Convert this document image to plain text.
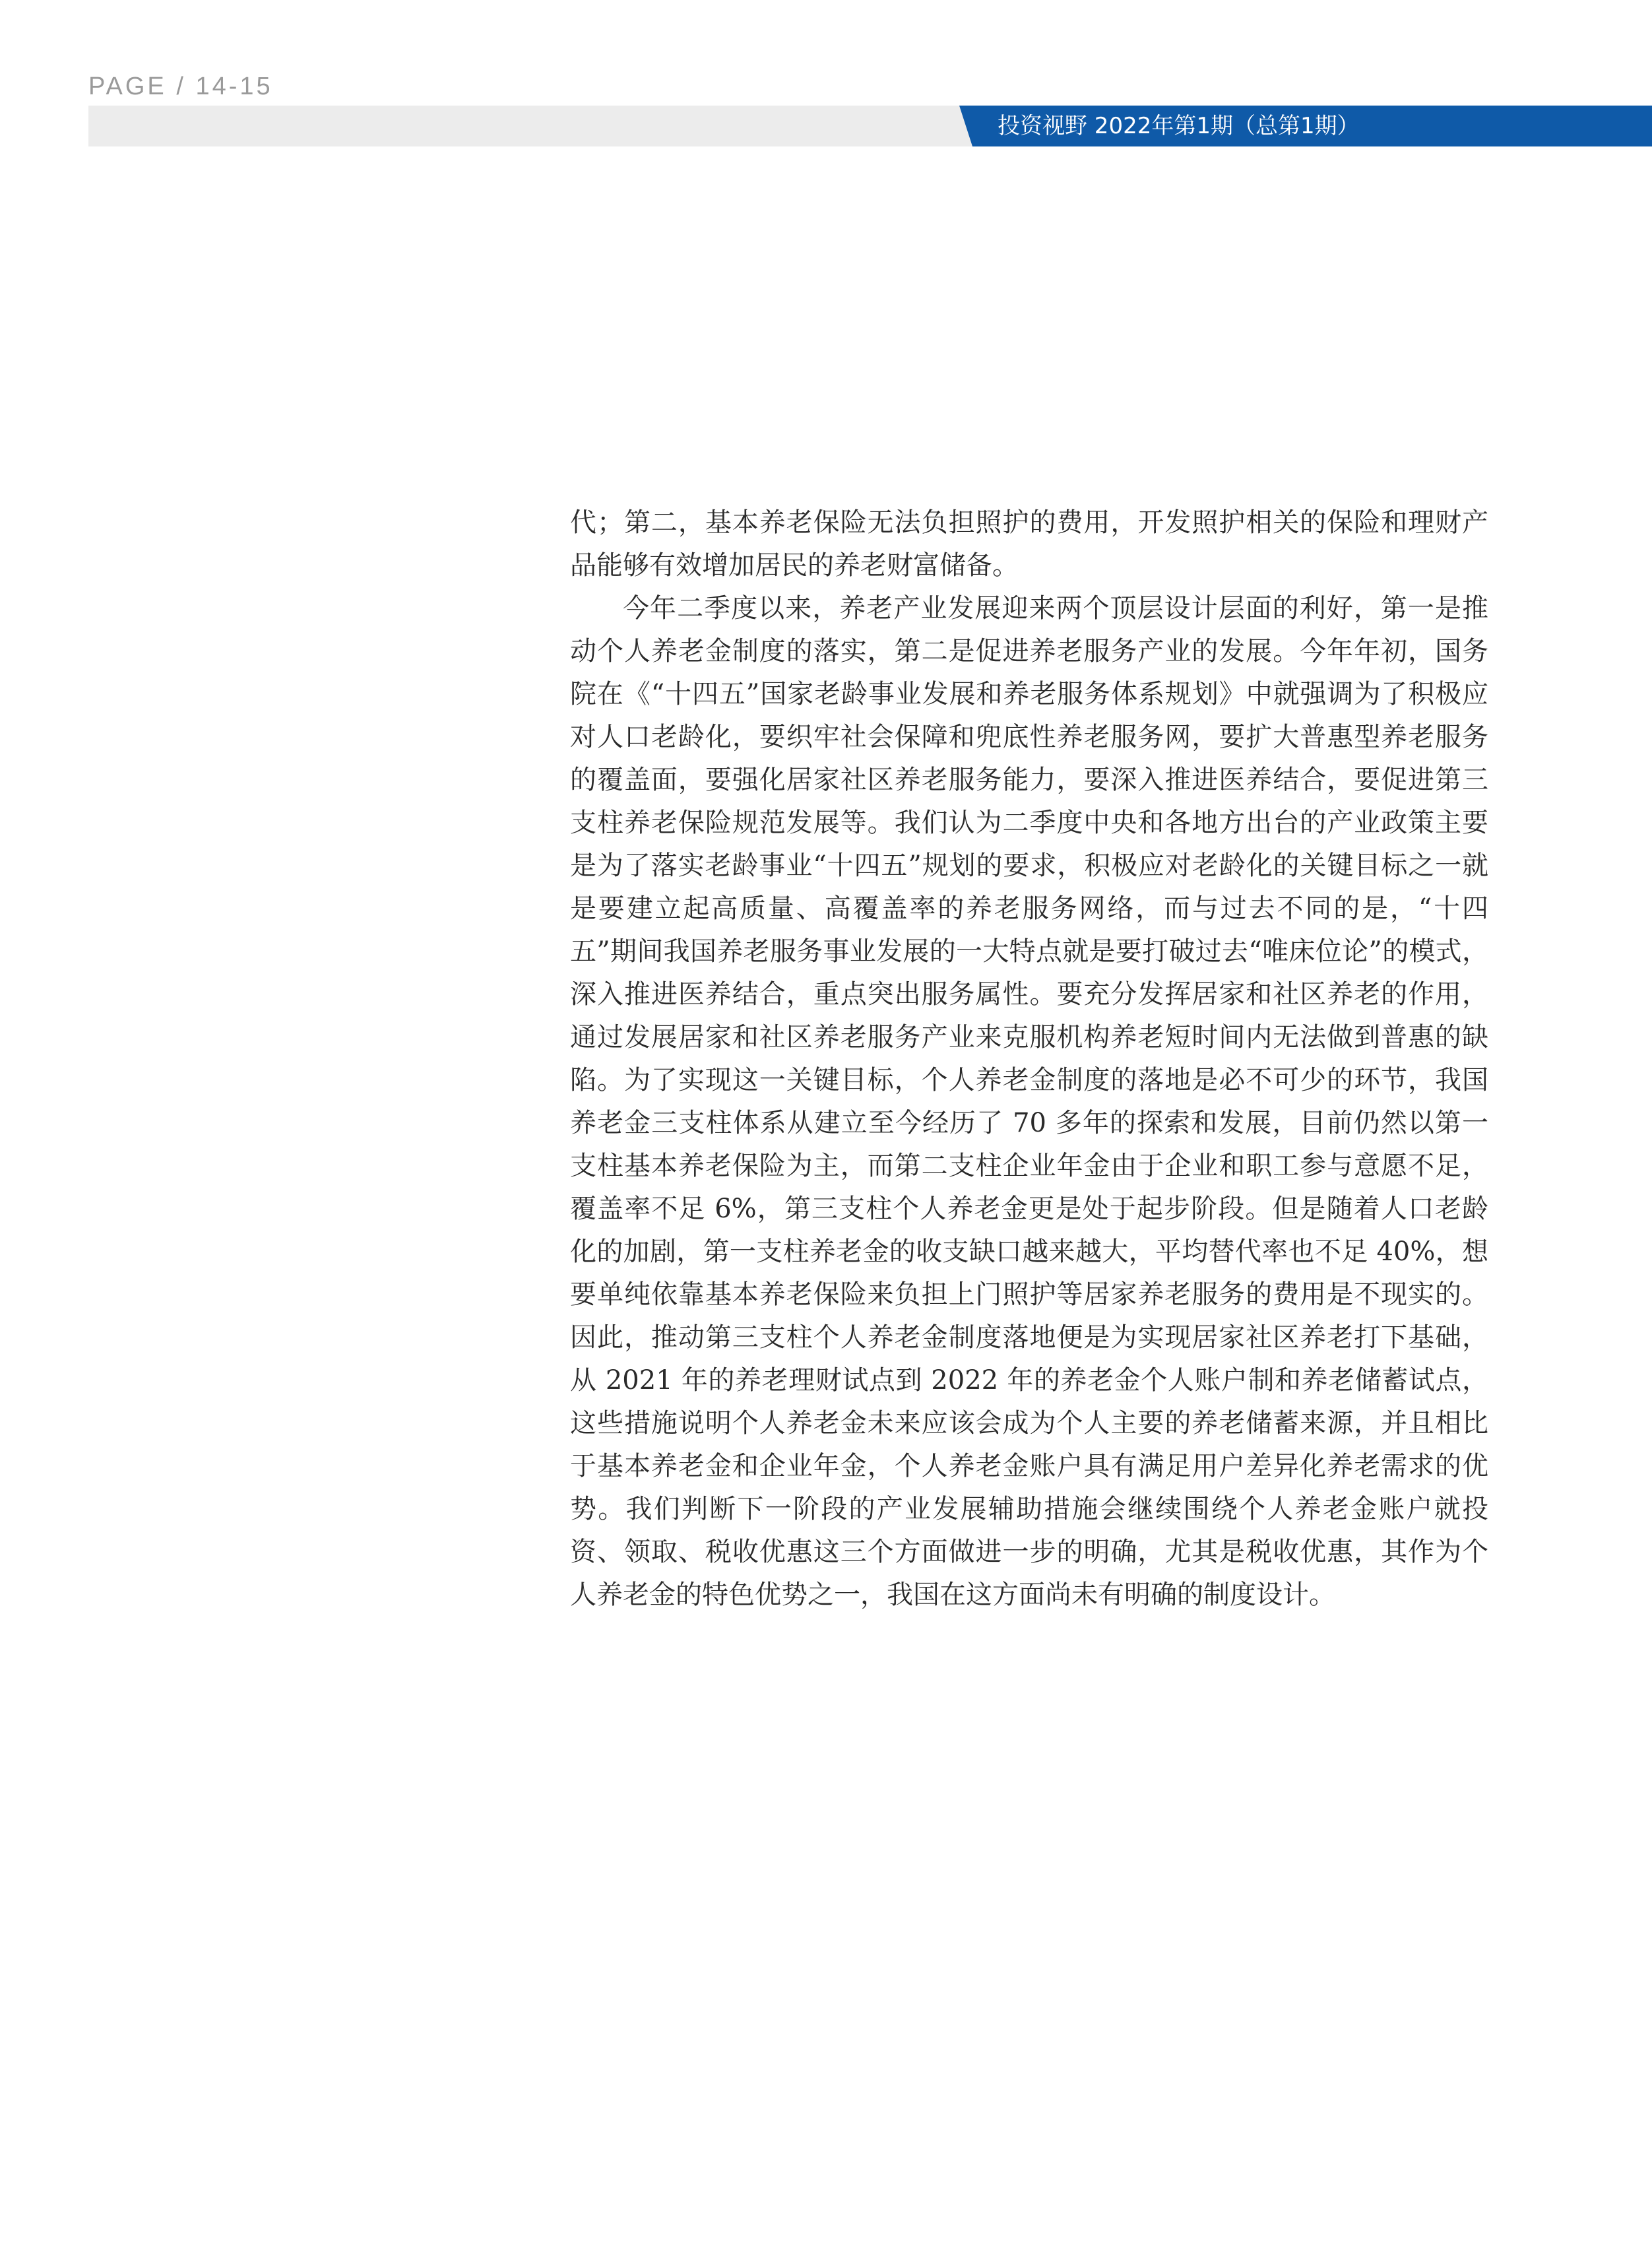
PAGE / 14-15
投资视野 2022年第1期（总第1期）

代；第二，基本养老保险无法负担照护的费用，开发照护相关的保险和理财产品能够有效增加居民的养老财富储备。

今年二季度以来，养老产业发展迎来两个顶层设计层面的利好，第一是推动个人养老金制度的落实，第二是促进养老服务产业的发展。今年年初，国务院在《“十四五”国家老龄事业发展和养老服务体系规划》中就强调为了积极应对人口老龄化，要织牢社会保障和兜底性养老服务网，要扩大普惠型养老服务的覆盖面，要强化居家社区养老服务能力，要深入推进医养结合，要促进第三支柱养老保险规范发展等。我们认为二季度中央和各地方出台的产业政策主要是为了落实老龄事业“十四五”规划的要求，积极应对老龄化的关键目标之一就是要建立起高质量、高覆盖率的养老服务网络，而与过去不同的是，“十四五”期间我国养老服务事业发展的一大特点就是要打破过去“唯床位论”的模式，深入推进医养结合，重点突出服务属性。要充分发挥居家和社区养老的作用，通过发展居家和社区养老服务产业来克服机构养老短时间内无法做到普惠的缺陷。为了实现这一关键目标，个人养老金制度的落地是必不可少的环节，我国养老金三支柱体系从建立至今经历了 70 多年的探索和发展，目前仍然以第一支柱基本养老保险为主，而第二支柱企业年金由于企业和职工参与意愿不足，覆盖率不足 6%，第三支柱个人养老金更是处于起步阶段。但是随着人口老龄化的加剧，第一支柱养老金的收支缺口越来越大，平均替代率也不足 40%，想要单纯依靠基本养老保险来负担上门照护等居家养老服务的费用是不现实的。因此，推动第三支柱个人养老金制度落地便是为实现居家社区养老打下基础，从 2021 年的养老理财试点到 2022 年的养老金个人账户制和养老储蓄试点，这些措施说明个人养老金未来应该会成为个人主要的养老储蓄来源，并且相比于基本养老金和企业年金，个人养老金账户具有满足用户差异化养老需求的优势。我们判断下一阶段的产业发展辅助措施会继续围绕个人养老金账户就投资、领取、税收优惠这三个方面做进一步的明确，尤其是税收优惠，其作为个人养老金的特色优势之一，我国在这方面尚未有明确的制度设计。
